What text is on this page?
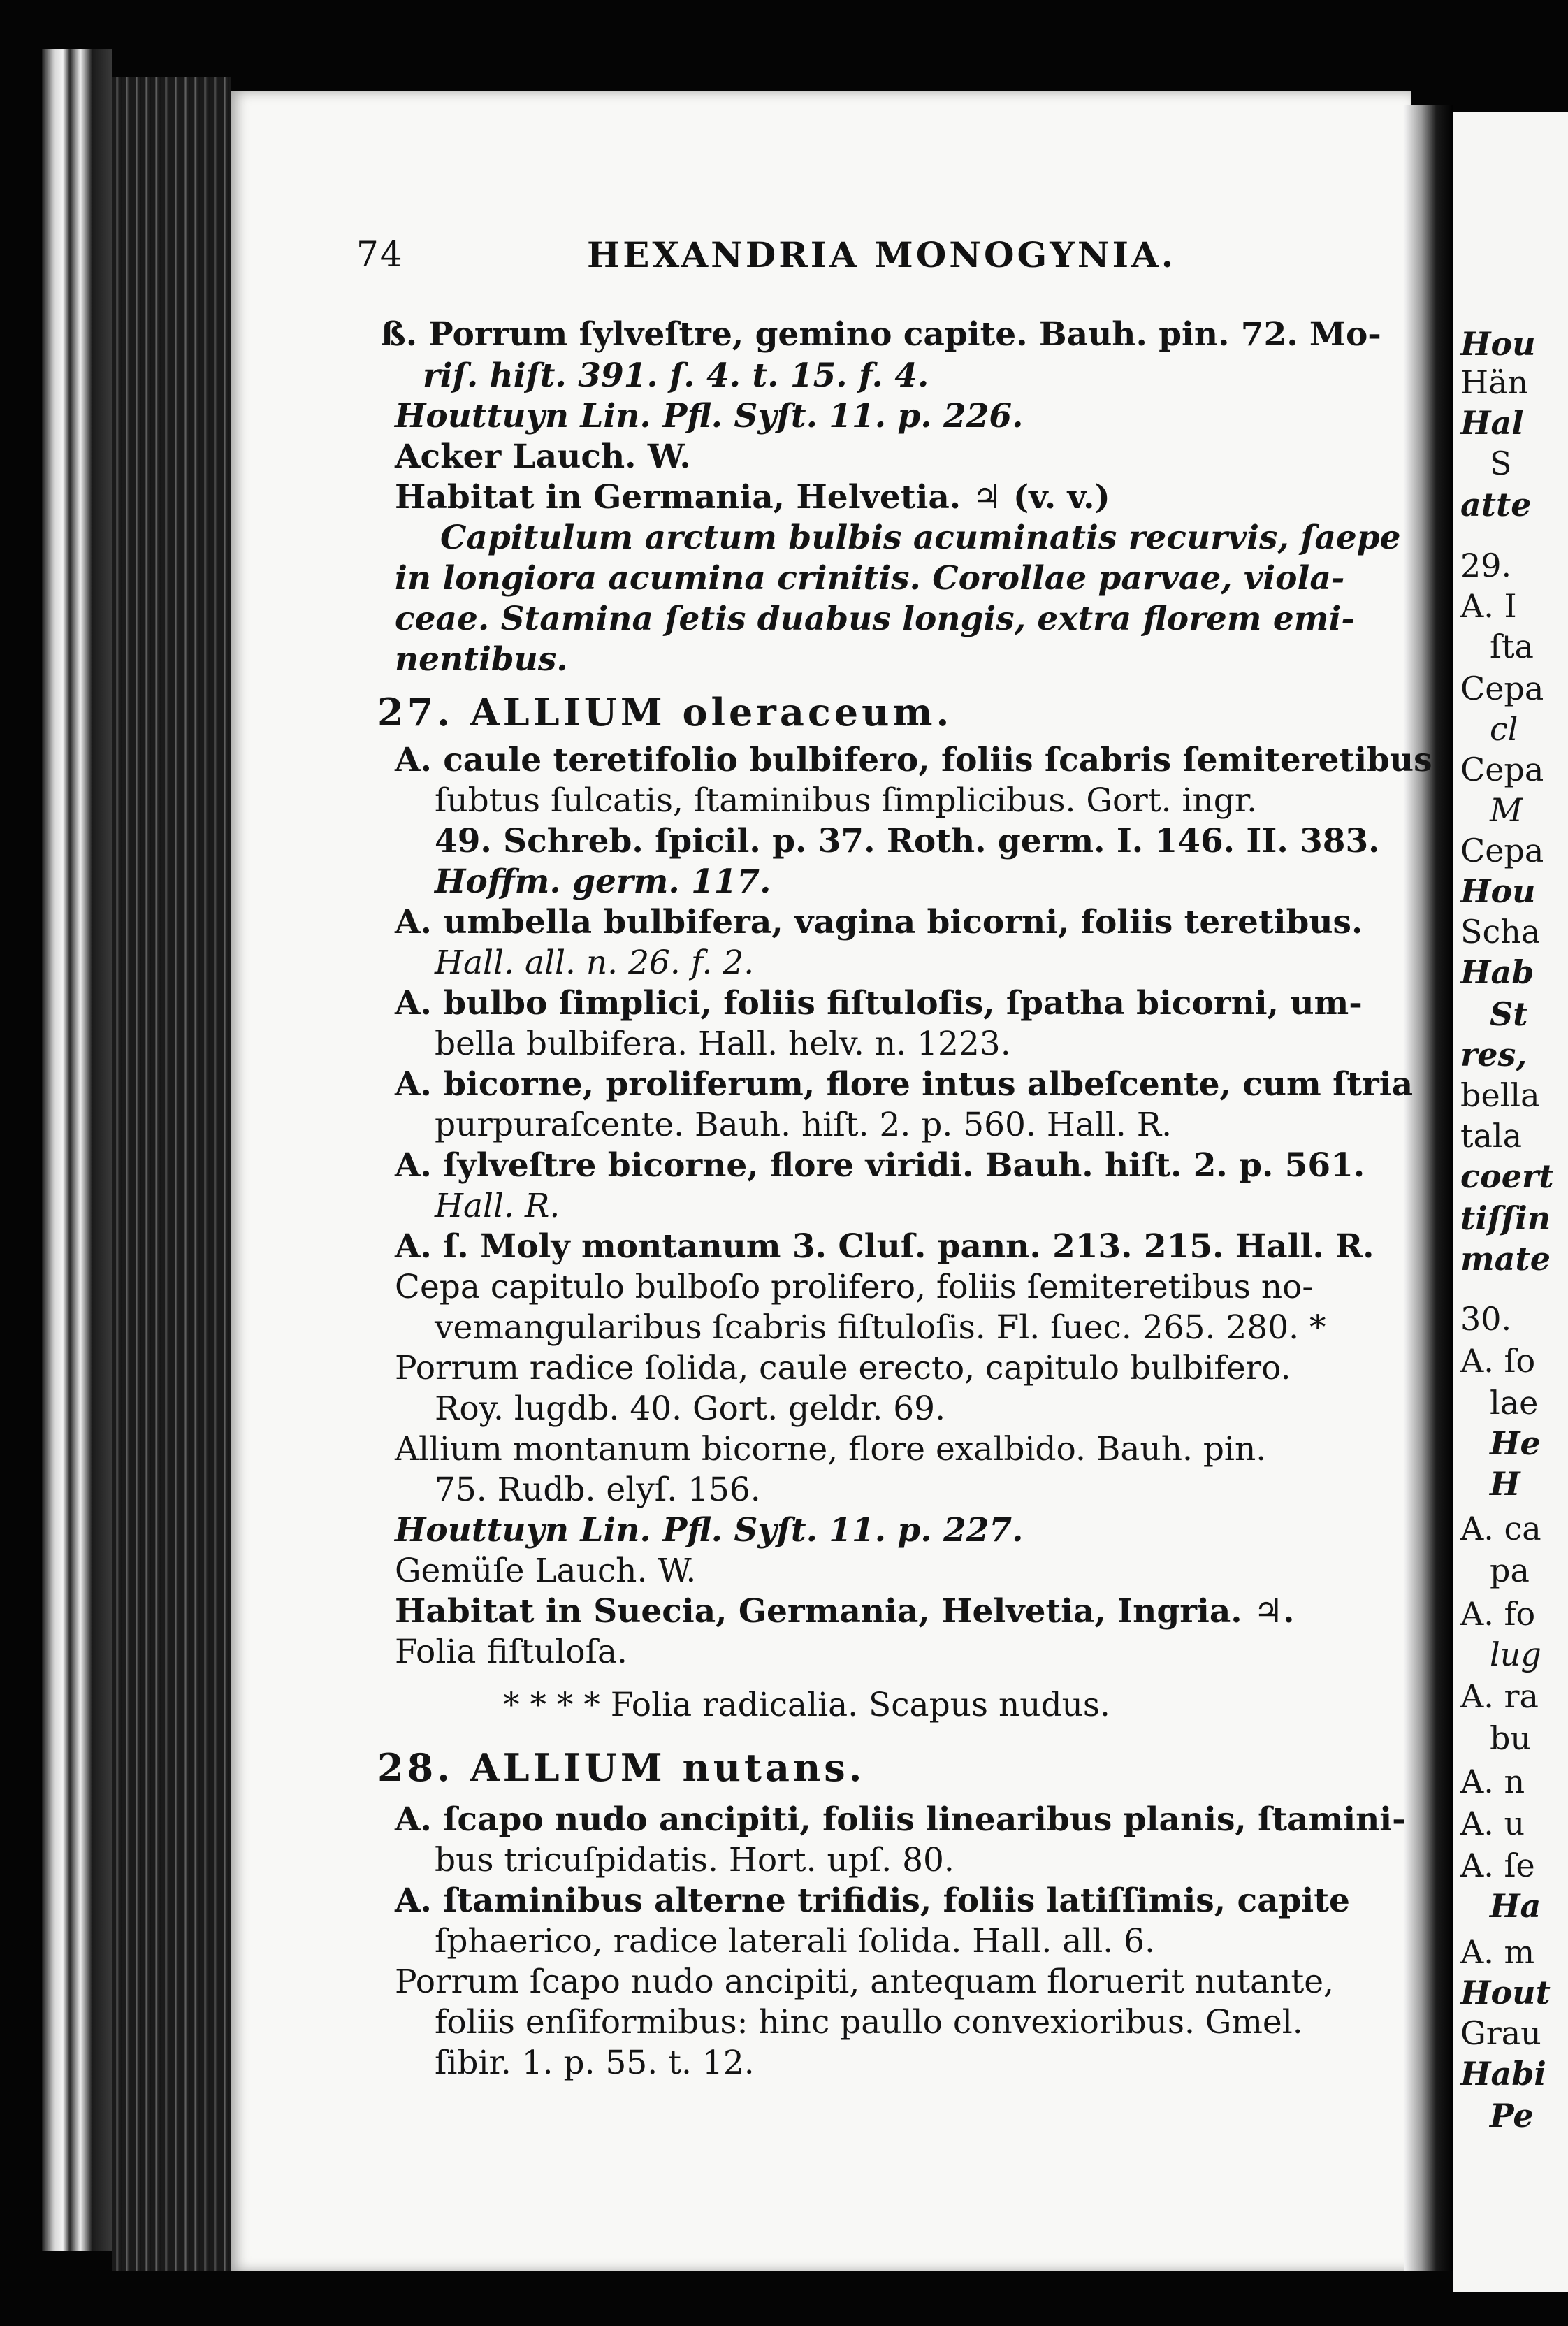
Hou
Hän
Hal
S
atte
29.
A. I
ſta
Cepa
cl
Cepa
M
Cepa
Hou
Scha
Hab
St
res,
bella
tala
coert
tiſſin
mate
30.
A. ſo
lae
He
H
A. ca
pa
A. fo
lug
A. ra
bu
A. n
A. u
A. ſe
Ha
A. m
Hout
Grau
Habi
Pe
74	HEXANDRIA MONOGYNIA.
ß. Porrum ſylveſtre, gemino capite. Bauh. pin. 72. Mo-
riſ. hiſt. 391. ſ. 4. t. 15. f. 4.
Houttuyn Lin. Pfl. Syſt. 11. p. 226.
Acker Lauch. W.
Habitat in Germania, Helvetia. ♃ (v. v.)
Capitulum arctum bulbis acuminatis recurvis, ſaepe
in longiora acumina crinitis. Corollae parvae, viola-
ceae. Stamina ſetis duabus longis, extra florem emi-
nentibus.
27. ALLIUM oleraceum.
A. caule teretifolio bulbifero, foliis ſcabris ſemiteretibus
ſubtus ſulcatis, ſtaminibus ſimplicibus. Gort. ingr.
49. Schreb. ſpicil. p. 37. Roth. germ. I. 146. II. 383.
Hoffm. germ. 117.
A. umbella bulbifera, vagina bicorni, foliis teretibus.
Hall. all. n. 26. f. 2.
A. bulbo ſimplici, foliis fiſtuloſis, ſpatha bicorni, um-
bella bulbifera. Hall. helv. n. 1223.
A. bicorne, proliferum, flore intus albeſcente, cum ſtria
purpuraſcente. Bauh. hiſt. 2. p. 560. Hall. R.
A. ſylveſtre bicorne, flore viridi. Bauh. hiſt. 2. p. 561.
Hall. R.
A. ſ. Moly montanum 3. Cluſ. pann. 213. 215. Hall. R.
Cepa capitulo bulboſo prolifero, foliis ſemiteretibus no-
vemangularibus ſcabris fiſtuloſis. Fl. ſuec. 265. 280. *
Porrum radice ſolida, caule erecto, capitulo bulbifero.
Roy. lugdb. 40. Gort. geldr. 69.
Allium montanum bicorne, flore exalbido. Bauh. pin.
75. Rudb. elyſ. 156.
Houttuyn Lin. Pfl. Syſt. 11. p. 227.
Gemüſe Lauch. W.
Habitat in Suecia, Germania, Helvetia, Ingria. ♃.
Folia fiſtuloſa.
* * * * Folia radicalia. Scapus nudus.
28. ALLIUM nutans.
A. ſcapo nudo ancipiti, foliis linearibus planis, ſtamini-
bus tricuſpidatis. Hort. upſ. 80.
A. ſtaminibus alterne trifidis, foliis latiſſimis, capite
ſphaerico, radice laterali ſolida. Hall. all. 6.
Porrum ſcapo nudo ancipiti, antequam floruerit nutante,
foliis enſiformibus: hinc paullo convexioribus. Gmel.
ſibir. 1. p. 55. t. 12.
